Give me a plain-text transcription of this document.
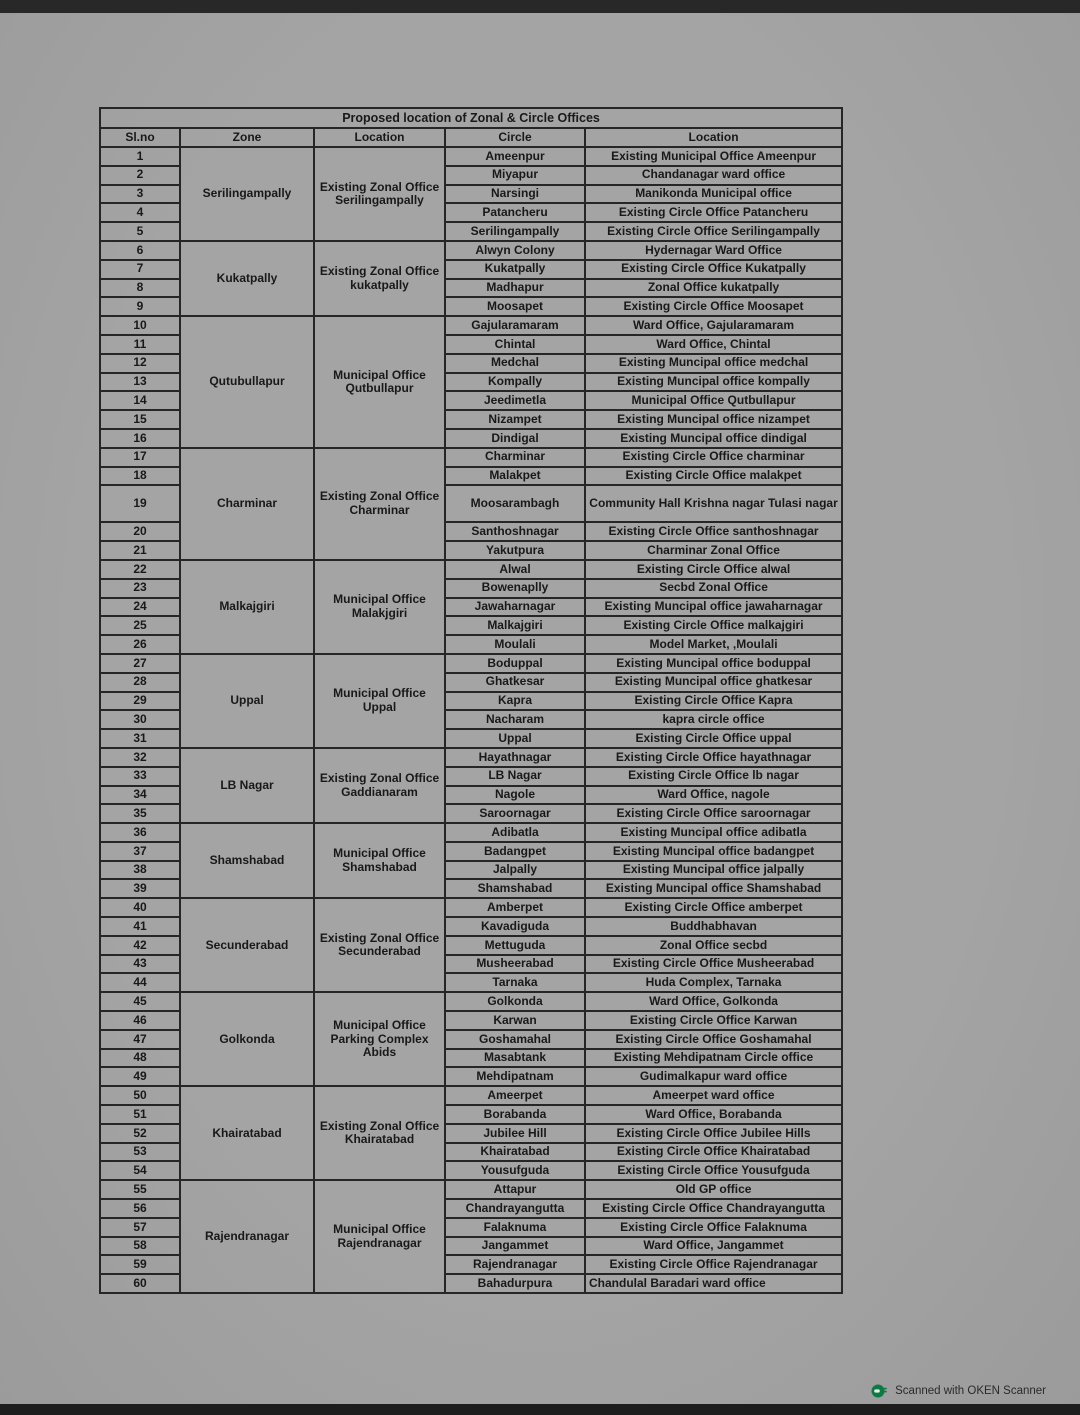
Proposed location of Zonal & Circle Offices				
Sl.no	Zone	Location	Circle	Location
1	Serilingampally	Existing Zonal Office Serilingampally	Ameenpur	Existing Municipal Office Ameenpur
2			Miyapur	Chandanagar ward office
3			Narsingi	Manikonda Municipal office
4			Patancheru	Existing Circle Office Patancheru
5			Serilingampally	Existing Circle Office Serilingampally
6	Kukatpally	Existing Zonal Office kukatpally	Alwyn Colony	Hydernagar Ward Office
7			Kukatpally	Existing Circle Office Kukatpally
8			Madhapur	Zonal Office kukatpally
9			Moosapet	Existing Circle Office Moosapet
10	Qutubullapur	Municipal Office Qutbullapur	Gajularamaram	Ward Office, Gajularamaram
11			Chintal	Ward Office, Chintal
12			Medchal	Existing Muncipal office medchal
13			Kompally	Existing Muncipal office kompally
14			Jeedimetla	Municipal Office Qutbullapur
15			Nizampet	Existing Muncipal office nizampet
16			Dindigal	Existing Muncipal office dindigal
17	Charminar	Existing Zonal Office Charminar	Charminar	Existing Circle Office charminar
18			Malakpet	Existing Circle Office malakpet
19			Moosarambagh	Community Hall Krishna nagar Tulasi nagar
20			Santhoshnagar	Existing Circle Office santhoshnagar
21			Yakutpura	Charminar Zonal Office
22	Malkajgiri	Municipal Office Malakjgiri	Alwal	Existing Circle Office alwal
23			Bowenaplly	Secbd Zonal Office
24			Jawaharnagar	Existing Muncipal office jawaharnagar
25			Malkajgiri	Existing Circle Office malkajgiri
26			Moulali	Model Market, ,Moulali
27	Uppal	Municipal Office Uppal	Boduppal	Existing Muncipal office boduppal
28			Ghatkesar	Existing Muncipal office ghatkesar
29			Kapra	Existing Circle Office Kapra
30			Nacharam	kapra circle office
31			Uppal	Existing Circle Office uppal
32	LB Nagar	Existing Zonal Office Gaddianaram	Hayathnagar	Existing Circle Office hayathnagar
33			LB Nagar	Existing Circle Office lb nagar
34			Nagole	Ward Office, nagole
35			Saroornagar	Existing Circle Office saroornagar
36	Shamshabad	Municipal Office Shamshabad	Adibatla	Existing Muncipal office adibatla
37			Badangpet	Existing Muncipal office badangpet
38			Jalpally	Existing Muncipal office jalpally
39			Shamshabad	Existing Muncipal office Shamshabad
40	Secunderabad	Existing Zonal Office Secunderabad	Amberpet	Existing Circle Office amberpet
41			Kavadiguda	Buddhabhavan
42			Mettuguda	Zonal Office secbd
43			Musheerabad	Existing Circle Office Musheerabad
44			Tarnaka	Huda Complex, Tarnaka
45	Golkonda	Municipal Office Parking Complex Abids	Golkonda	Ward Office, Golkonda
46			Karwan	Existing Circle Office Karwan
47			Goshamahal	Existing Circle Office Goshamahal
48			Masabtank	Existing Mehdipatnam Circle office
49			Mehdipatnam	Gudimalkapur ward office
50	Khairatabad	Existing Zonal Office Khairatabad	Ameerpet	Ameerpet ward office
51			Borabanda	Ward Office, Borabanda
52			Jubilee Hill	Existing Circle Office Jubilee Hills
53			Khairatabad	Existing Circle Office Khairatabad
54			Yousufguda	Existing Circle Office Yousufguda
55	Rajendranagar	Municipal Office Rajendranagar	Attapur	Old GP office
56			Chandrayangutta	Existing Circle Office Chandrayangutta
57			Falaknuma	Existing Circle Office Falaknuma
58			Jangammet	Ward Office, Jangammet
59			Rajendranagar	Existing Circle Office Rajendranagar
60			Bahadurpura	Chandulal Baradari ward office
Scanned with OKEN Scanner
